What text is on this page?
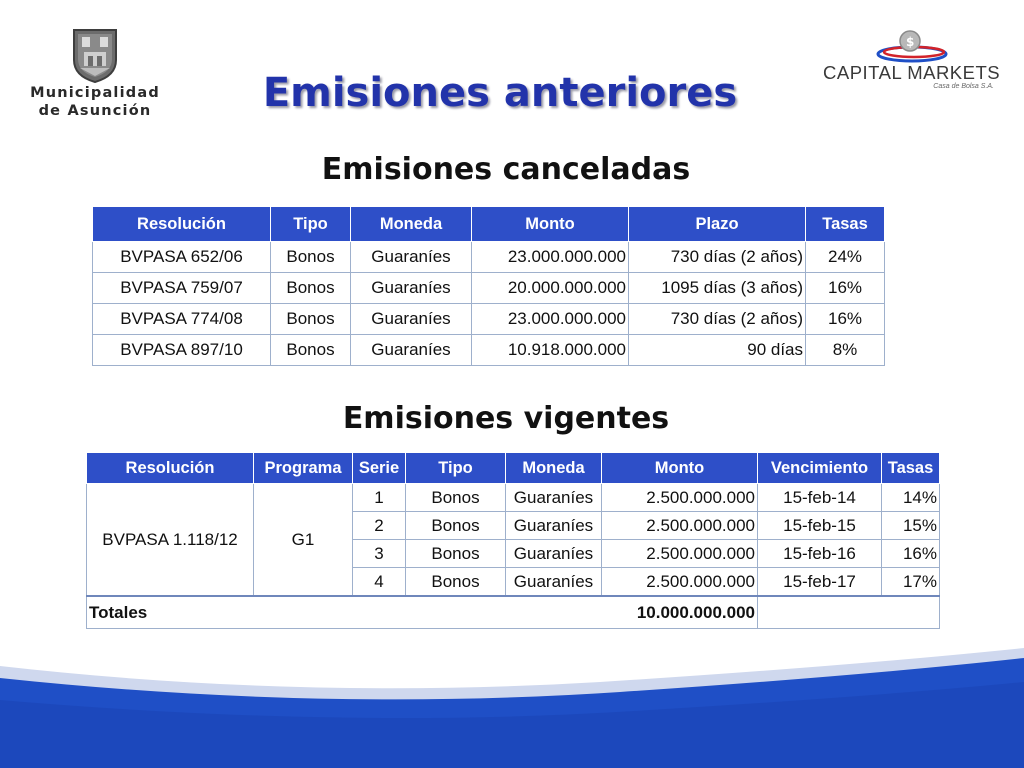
Municipalidad
de Asunción
$
CAPITAL MARKETS
Casa de Bolsa S.A.
Emisiones anteriores
Emisiones canceladas
Resolución	Tipo	Moneda	Monto	Plazo	Tasas
BVPASA 652/06	Bonos	Guaraníes	23.000.000.000	730 días (2 años)	24%
BVPASA 759/07	Bonos	Guaraníes	20.000.000.000	1095 días (3 años)	16%
BVPASA 774/08	Bonos	Guaraníes	23.000.000.000	730 días (2 años)	16%
BVPASA 897/10	Bonos	Guaraníes	10.918.000.000	90 días	8%
Emisiones vigentes
Resolución	Programa	Serie	Tipo	Moneda	Monto	Vencimiento	Tasas
BVPASA 1.118/12	G1	1	Bonos	Guaraníes	2.500.000.000	15-feb-14	14%
		2	Bonos	Guaraníes	2.500.000.000	15-feb-15	15%
		3	Bonos	Guaraníes	2.500.000.000	15-feb-16	16%
		4	Bonos	Guaraníes	2.500.000.000	15-feb-17	17%
Totales					10.000.000.000		
